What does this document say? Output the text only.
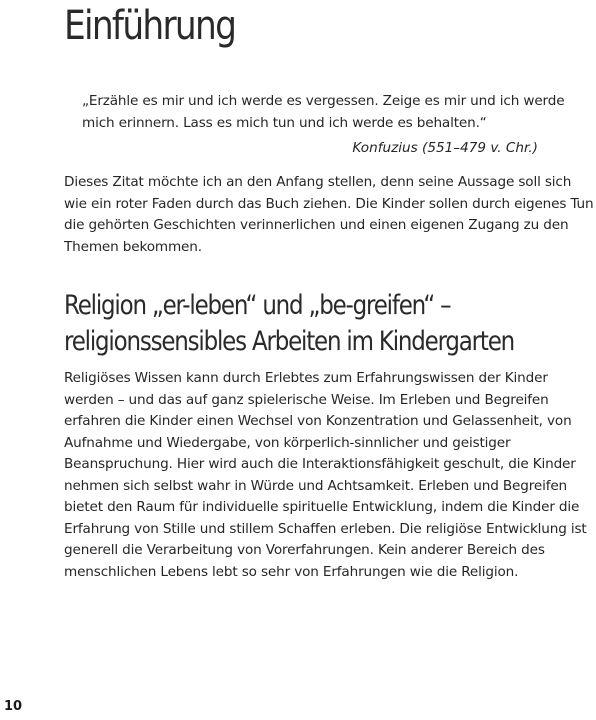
Einführung

„Erzähle es mir und ich werde es vergessen. Zeige es mir und ich werde mich erinnern. Lass es mich tun und ich werde es behalten.“

Konfuzius (551–479 v. Chr.)

Dieses Zitat möchte ich an den Anfang stellen, denn seine Aussage soll sich wie ein roter Faden durch das Buch ziehen. Die Kinder sollen durch eigenes Tun die gehörten Geschichten verinnerlichen und einen eigenen Zugang zu den Themen bekommen.

Religion „er-leben“ und „be-greifen“ –
religionssensibles Arbeiten im Kindergarten

Religiöses Wissen kann durch Erlebtes zum Erfahrungswissen der Kinder werden – und das auf ganz spielerische Weise. Im Erleben und Begreifen erfahren die Kinder einen Wechsel von Konzentration und Gelassenheit, von Aufnahme und Wiedergabe, von körperlich-sinnlicher und geistiger Beanspruchung. Hier wird auch die Interaktionsfähigkeit geschult, die Kinder nehmen sich selbst wahr in Würde und Achtsamkeit. Erleben und Begreifen bietet den Raum für individuelle spirituelle Entwicklung, indem die Kinder die Erfahrung von Stille und stillem Schaffen erleben. Die religiöse Entwicklung ist generell die Verarbeitung von Vorerfahrungen. Kein anderer Bereich des menschlichen Lebens lebt so sehr von Erfahrungen wie die Religion.

10
